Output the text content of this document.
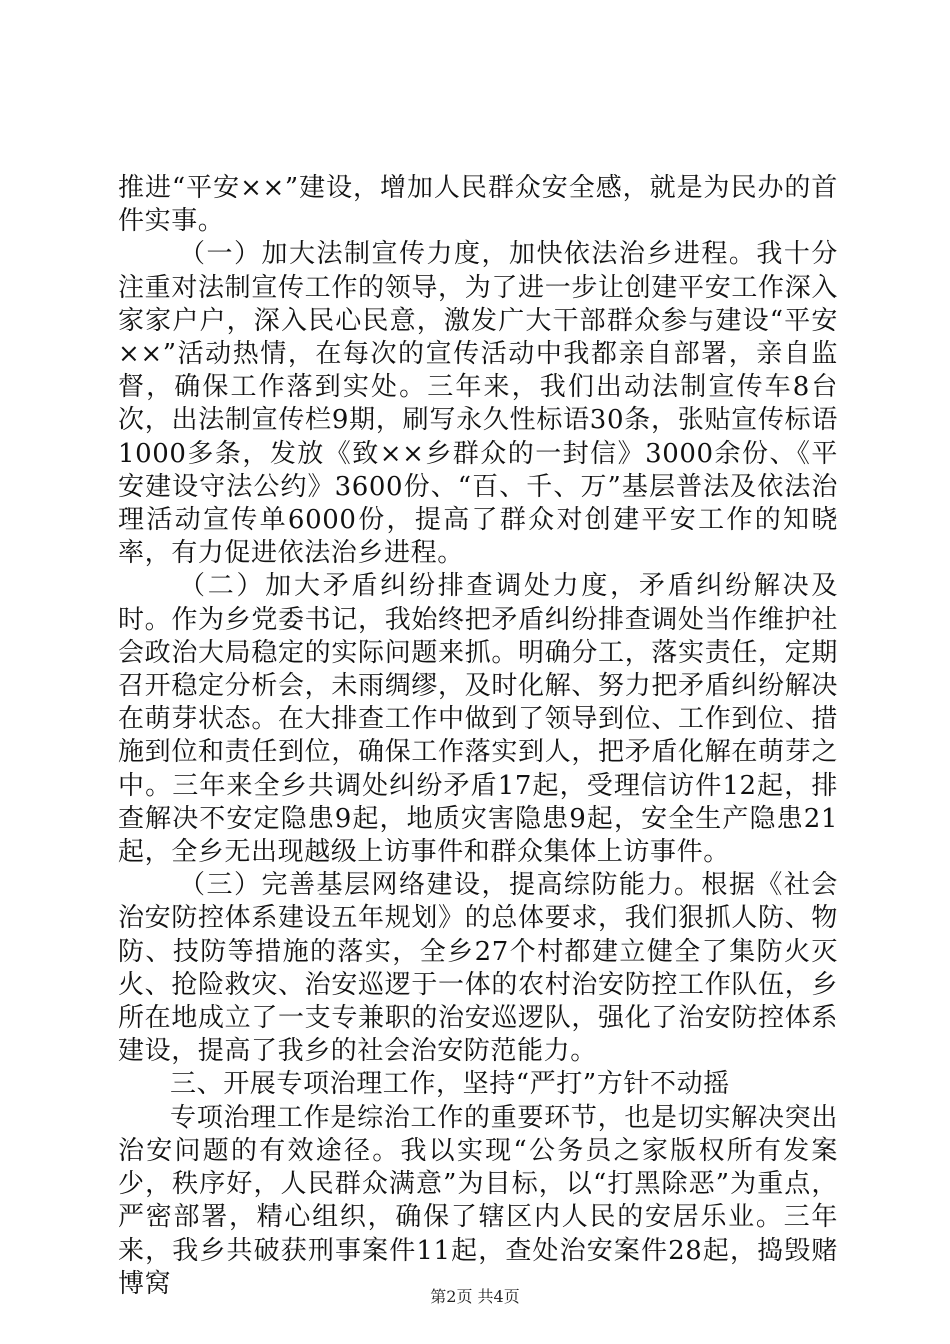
推进“平安××”建设，增加人民群众安全感，就是为民办的首件实事。

（一）加大法制宣传力度，加快依法治乡进程。我十分注重对法制宣传工作的领导，为了进一步让创建平安工作深入家家户户，深入民心民意，激发广大干部群众参与建设“平安××”活动热情，在每次的宣传活动中我都亲自部署，亲自监督，确保工作落到实处。三年来，我们出动法制宣传车8台次，出法制宣传栏9期，刷写永久性标语30条，张贴宣传标语1000多条，发放《致××乡群众的一封信》3000余份、《平安建设守法公约》3600份、“百、千、万”基层普法及依法治理活动宣传单6000份，提高了群众对创建平安工作的知晓率，有力促进依法治乡进程。

（二）加大矛盾纠纷排查调处力度，矛盾纠纷解决及时。作为乡党委书记，我始终把矛盾纠纷排查调处当作维护社会政治大局稳定的实际问题来抓。明确分工，落实责任，定期召开稳定分析会，未雨绸缪，及时化解、努力把矛盾纠纷解决在萌芽状态。在大排查工作中做到了领导到位、工作到位、措施到位和责任到位，确保工作落实到人，把矛盾化解在萌芽之中。三年来全乡共调处纠纷矛盾17起，受理信访件12起，排查解决不安定隐患9起，地质灾害隐患9起，安全生产隐患21起，全乡无出现越级上访事件和群众集体上访事件。

（三）完善基层网络建设，提高综防能力。根据《社会治安防控体系建设五年规划》的总体要求，我们狠抓人防、物防、技防等措施的落实，全乡27个村都建立健全了集防火灭火、抢险救灾、治安巡逻于一体的农村治安防控工作队伍，乡所在地成立了一支专兼职的治安巡逻队，强化了治安防控体系建设，提高了我乡的社会治安防范能力。

三、开展专项治理工作，坚持“严打”方针不动摇

专项治理工作是综治工作的重要环节，也是切实解决突出治安问题的有效途径。我以实现“公务员之家版权所有发案少，秩序好，人民群众满意”为目标，以“打黑除恶”为重点，严密部署，精心组织，确保了辖区内人民的安居乐业。三年来，我乡共破获刑事案件11起，查处治安案件28起，捣毁赌博窝	第2页 共4页
